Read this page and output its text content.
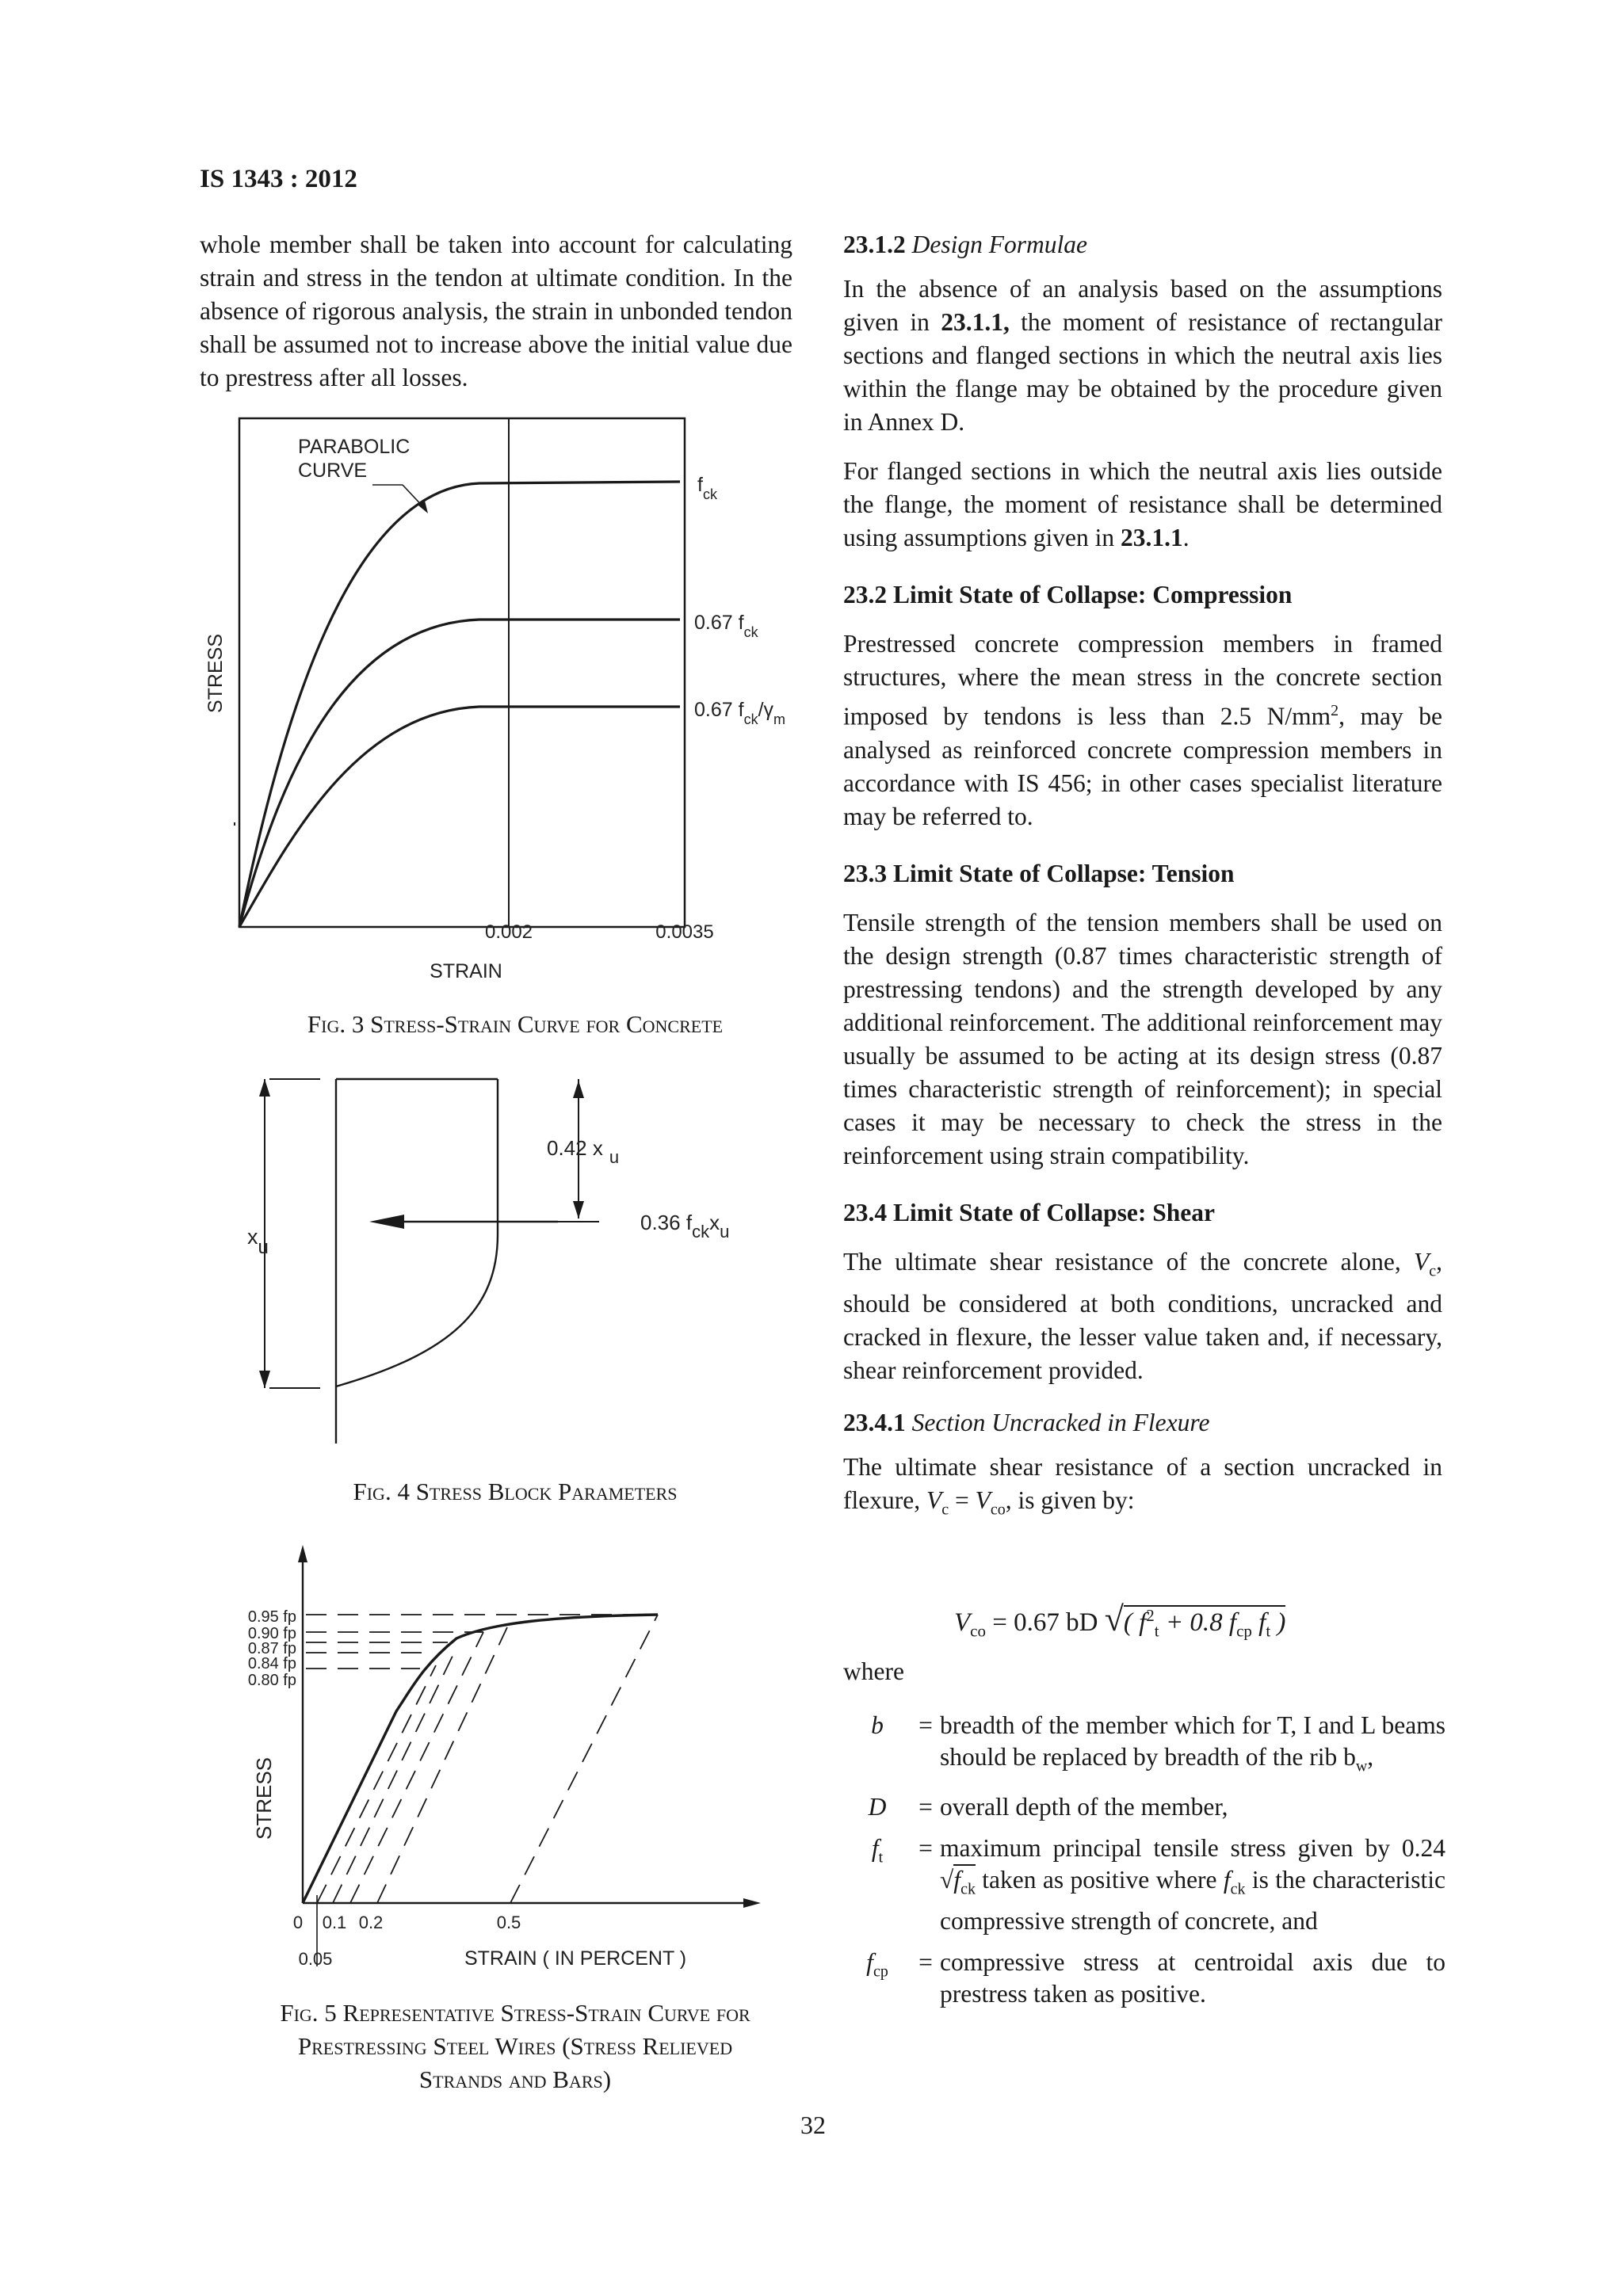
IS 1343 : 2012

whole member shall be taken into account for calculating strain and stress in the tendon at ultimate condition. In the absence of rigorous analysis, the strain in unbonded tendon shall be assumed not to increase above the initial value due to prestress after all losses.

PARABOLIC
CURVE
$f_{ck}$
0.67 $f_{ck}$
0.67 $f_{ck}/\gamma_m$
STRESS
0.002	0.0035
STRAIN
Fig. 3 Stress-Strain Curve for Concrete
xu
0.42 x $_u$
0.36 $f_{ck}x_u$
Fig. 4 Stress Block Parameters
0.95 fp
0.90 fp
0.87 fp
0.84 fp
0.80 fp
STRESS
0 0.1 0.2	0.5
0.05	STRAIN ( IN PERCENT )
Fig. 5 Representative Stress-Strain Curve for
Prestressing Steel Wires (Stress Relieved
Strands and Bars)

23.1.2 Design Formulae

In the absence of an analysis based on the assumptions given in 23.1.1, the moment of resistance of rectangular sections and flanged sections in which the neutral axis lies within the flange may be obtained by the procedure given in Annex D.

For flanged sections in which the neutral axis lies outside the flange, the moment of resistance shall be determined using assumptions given in 23.1.1.

23.2 Limit State of Collapse: Compression

Prestressed concrete compression members in framed structures, where the mean stress in the concrete section imposed by tendons is less than 2.5 $N/mm^2$, may be analysed as reinforced concrete compression members in accordance with IS 456; in other cases specialist literature may be referred to.

23.3 Limit State of Collapse: Tension

Tensile strength of the tension members shall be used on the design strength (0.87 times characteristic strength of prestressing tendons) and the strength developed by any additional reinforcement. The additional reinforcement may usually be assumed to be acting at its design stress (0.87 times characteristic strength of reinforcement); in special cases it may be necessary to check the stress in the reinforcement using strain compatibility.

23.4 Limit State of Collapse: Shear

The ultimate shear resistance of the concrete alone, $V_c$, should be considered at both conditions, uncracked and cracked in flexure, the lesser value taken and, if necessary, shear reinforcement provided.

23.4.1 Section Uncracked in Flexure

The ultimate shear resistance of a section uncracked in flexure, $V_c = V_{co}$, is given by:

$V_{co} = 0.67$ bD √( $f^2_t + 0.8$ $f_{cp}$ $f_t$ )
where
b	= breadth of the member which for T, I and L beams should be replaced by breadth of the rib $b_w$,
D	= overall depth of the member,
$f_t$	= maximum principal tensile stress given by 0.24 $√f_{ck}$ taken as positive where $f_{ck}$ is the characteristic compressive strength of concrete, and
$f_{cp}$	= compressive stress at centroidal axis due to prestress taken as positive.
32
